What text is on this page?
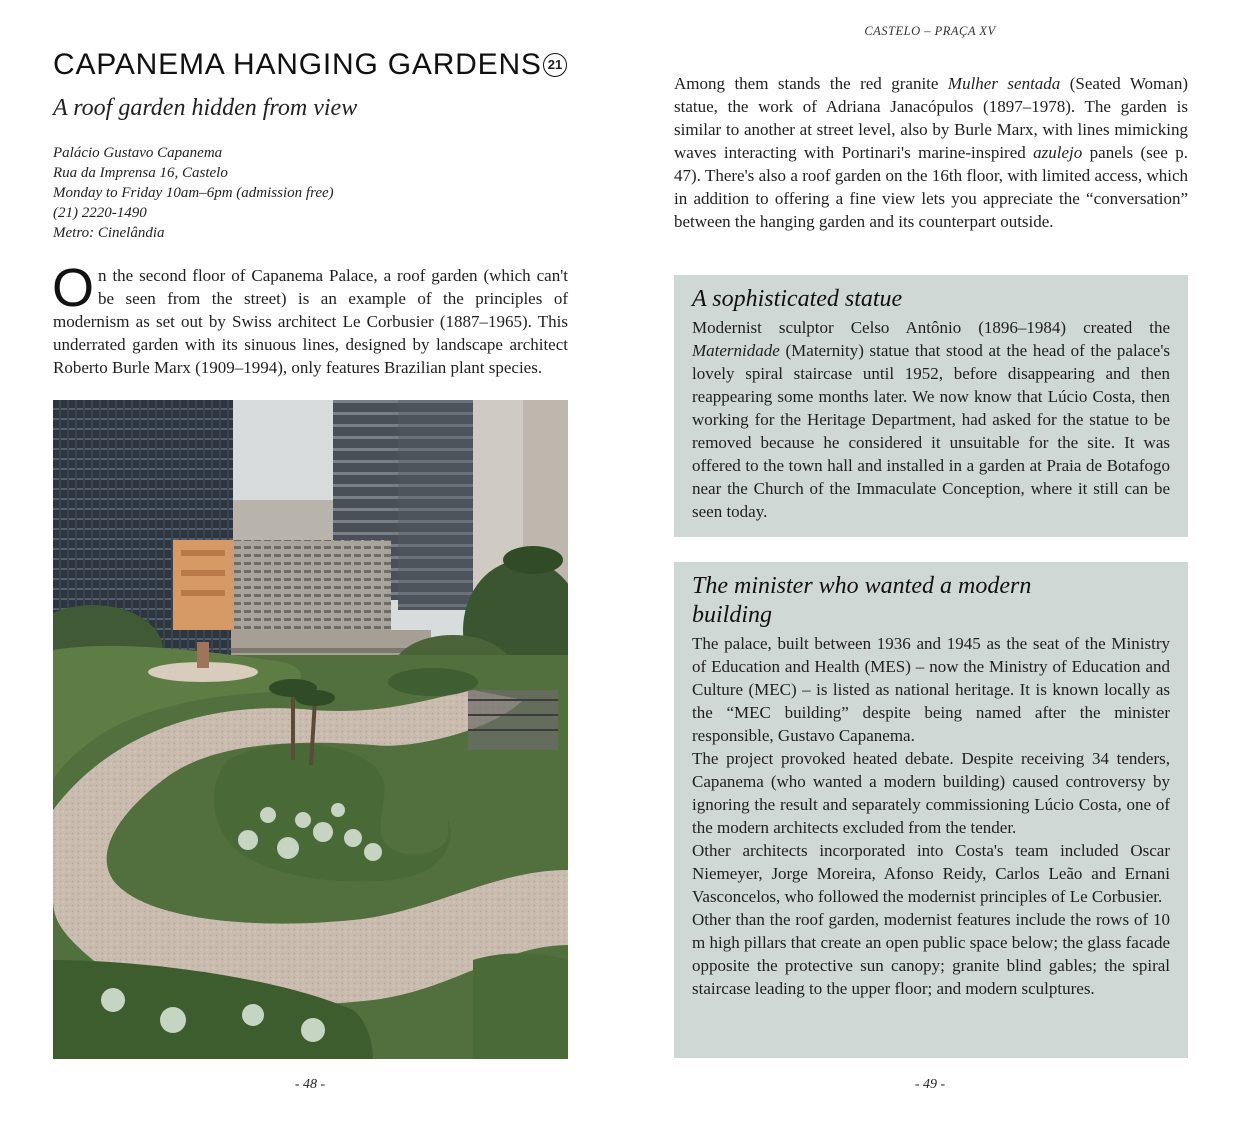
CASTELO – PRAÇA XV
CAPANEMA HANGING GARDENS 21
A roof garden hidden from view
Palácio Gustavo Capanema
Rua da Imprensa 16, Castelo
Monday to Friday 10am–6pm (admission free)
(21) 2220-1490
Metro: Cinelândia

On the second floor of Capanema Palace, a roof garden (which can't be seen from the street) is an example of the principles of modernism as set out by Swiss architect Le Corbusier (1887–1965). This underrated garden with its sinuous lines, designed by landscape architect Roberto Burle Marx (1909–1994), only features Brazilian plant species.

- 48 -

Among them stands the red granite Mulher sentada (Seated Woman) statue, the work of Adriana Janacópulos (1897–1978). The garden is similar to another at street level, also by Burle Marx, with lines mimicking waves interacting with Portinari's marine-inspired azulejo panels (see p. 47). There's also a roof garden on the 16th floor, with limited access, which in addition to offering a fine view lets you appreciate the “conversation” between the hanging garden and its counterpart outside.

A sophisticated statue

Modernist sculptor Celso Antônio (1896–1984) created the Maternidade (Maternity) statue that stood at the head of the palace's lovely spiral staircase until 1952, before disappearing and then reappearing some months later. We now know that Lúcio Costa, then working for the Heritage Department, had asked for the statue to be removed because he considered it unsuitable for the site. It was offered to the town hall and installed in a garden at Praia de Botafogo near the Church of the Immaculate Conception, where it still can be seen today.

The minister who wanted a modern building

The palace, built between 1936 and 1945 as the seat of the Ministry of Education and Health (MES) – now the Ministry of Education and Culture (MEC) – is listed as national heritage. It is known locally as the “MEC building” despite being named after the minister responsible, Gustavo Capanema.

The project provoked heated debate. Despite receiving 34 tenders, Capanema (who wanted a modern building) caused controversy by ignoring the result and separately commissioning Lúcio Costa, one of the modern architects excluded from the tender.

Other architects incorporated into Costa's team included Oscar Niemeyer, Jorge Moreira, Afonso Reidy, Carlos Leão and Ernani Vasconcelos, who followed the modernist principles of Le Corbusier.

Other than the roof garden, modernist features include the rows of 10 m high pillars that create an open public space below; the glass facade opposite the protective sun canopy; granite blind gables; the spiral staircase leading to the upper floor; and modern sculptures.

- 49 -
